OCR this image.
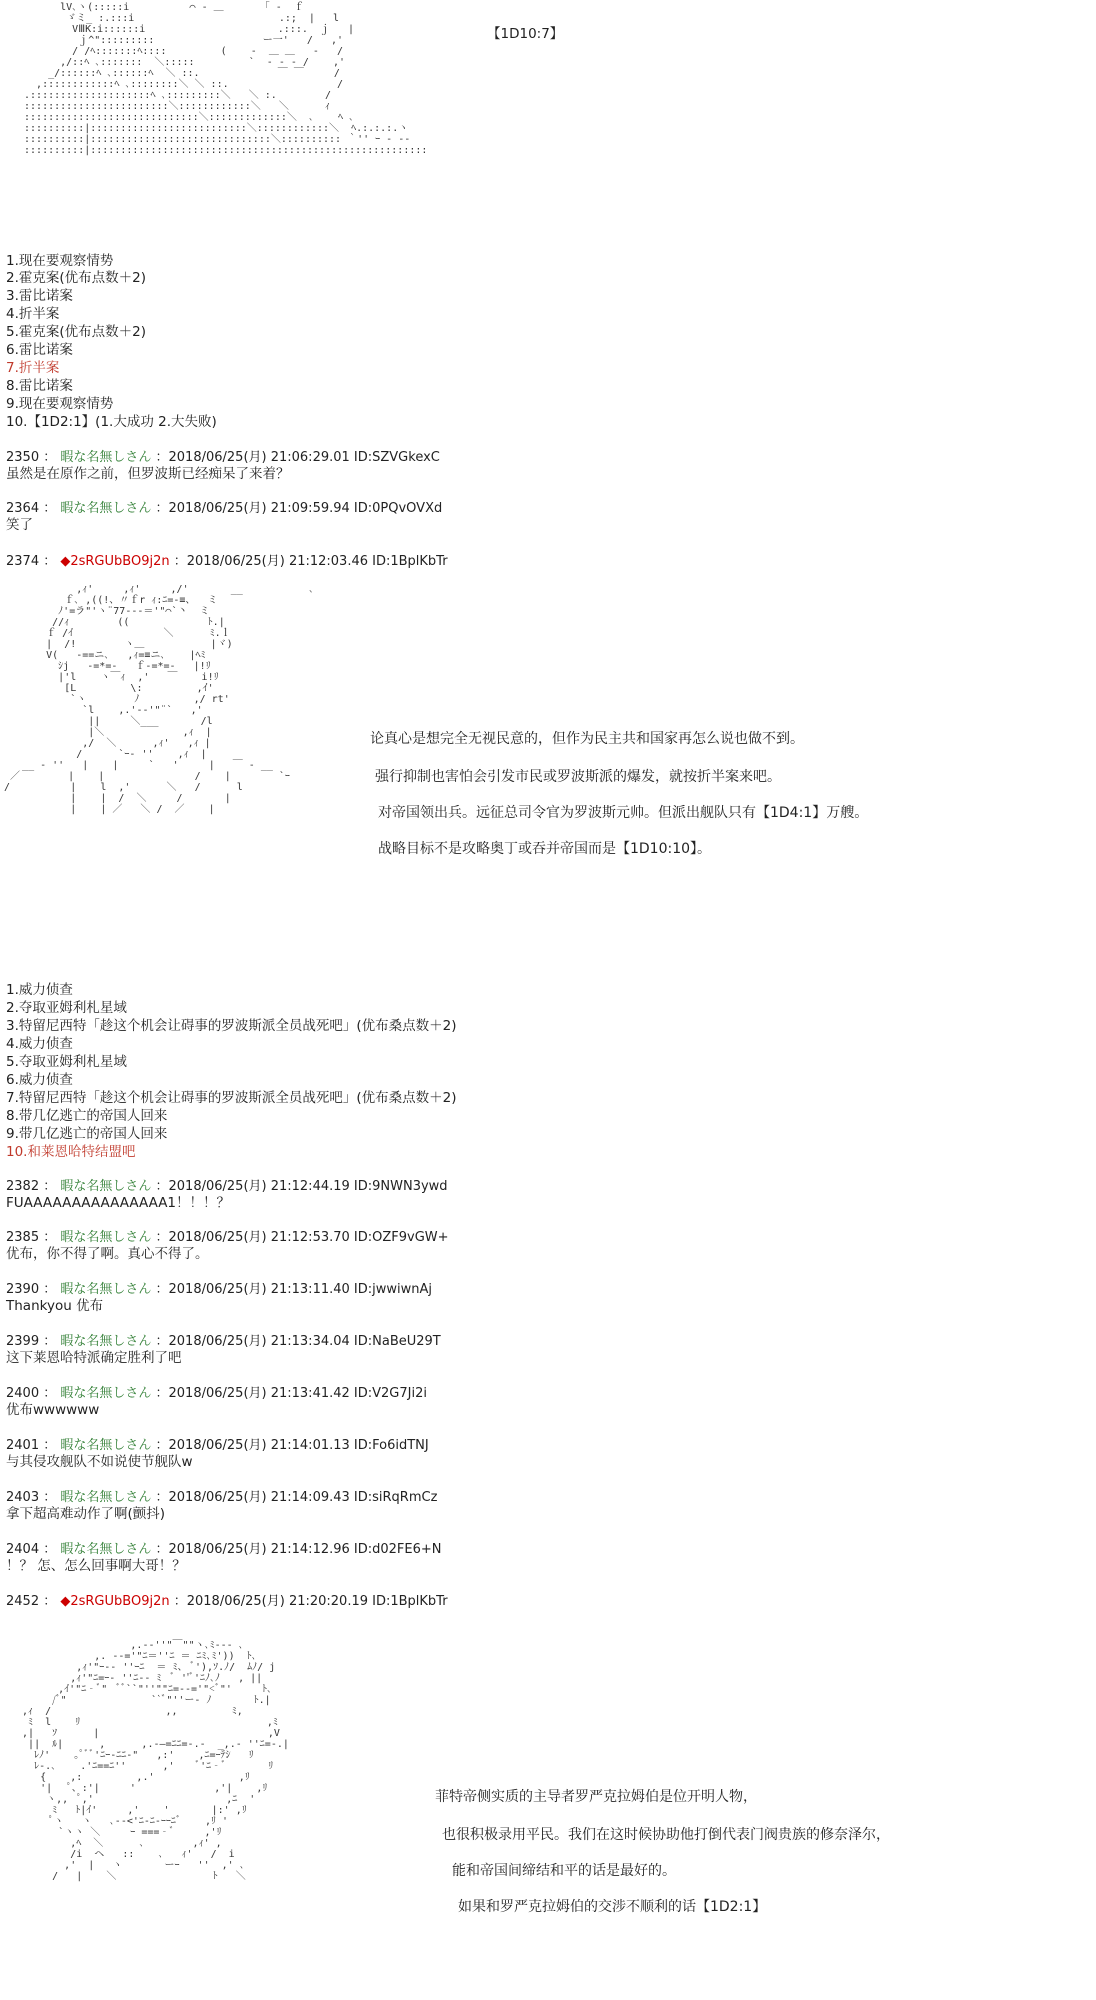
lV､ヽ(:::::i          ⌒ ‐ ＿      「 ‐  ｆ
ゞミ_ :.:::i                        .:;  |   l
VⅢK:i::::::i                      .:::.  ｊ   |
ｊ^":::::::::                  ー一'   /   ,'
/ /ﾍ:::::::ﾍ::::         (    ‐  ＿ ＿   ‐   /
,/::ﾍ ､:::::::  ＼:::::         `  ‐ ‐ ‐ /    ,'
_/::::::ﾍ ､::::::ﾍ  ＼ ::.             ￣ ￣     /
,::::::::::::ﾍ ､::::::::＼ ＼ ::.                  /
.::::::::::::::::::::ﾍ ､:::::::::＼   ＼ :.        /
::::::::::::::::::::::::＼::::::::::::＼   ＼      ｨ
:::::::::::::::::::::::::::::＼:::::::::::::＼  ､    ﾍ ､
::::::::::|::::::::::::::::::::::::::＼::::::::::::＼  ﾍ.:.:.:.ヽ
::::::::::|::::::::::::::::::::::::::::::＼:::::::::: ｀'' ｰ ‐ --
::::::::::|::::::::::::::::::::::::::::::::::::::::::::::::::::::::
【1D10:7】
1.现在要观察情势
2.霍克案(优布点数＋2)
3.雷比诺案
4.折半案
5.霍克案(优布点数＋2)
6.雷比诺案
7.折半案
8.雷比诺案
9.现在要观察情势
10.【1D2:1】(1.大成功 2.大失败)
2350 ： 暇な名無しさん ：2018/06/25(月) 21:06:29.01 ID:SZVGkexC
虽然是在原作之前，但罗波斯已经痴呆了来着？
2364 ： 暇な名無しさん ：2018/06/25(月) 21:09:59.94 ID:0PQvOVXd
笑了
2374 ： ◆2sRGUbBO9j2n ：2018/06/25(月) 21:12:03.46 ID:1BplKbTr
,ｨ'     ,ｨ'     ,/'       __           ､
ｆ､ ,((!、〃ｆr ｨ:ﾆ=-≡、  ミ
ﾉ'=ラ"'ヽ¨77---＝'"⌒`丶  ミ
//ｨ        ((             ﾄ.|
ｆ /ｲ               ＼      ﾐ.ｌ
|  /!        ヽ＿           |ヾ)
V(   -==ニ､   ,ｨ=≡ニ､    |ﾍﾐ
ｼj   -=*=-   ｆ-=*=-   |!ﾘ
|'l    ヽ￣ｨ  ,'   ￣    i!ﾘ
[L         \:         ,ｲ'
`ヽ        ﾉ         ,/ rt'
`l    ,.'--'"¨`   ,'
||     ＼___       /l
|＼             ,ｨ  |
,/  ＼      ,ｨ'   ,ｨ |
/      `ｰ‐ ''    ,ｨ  |
__ ‐ ''   |    |     `   '     |   ￣ ‐ __
／        |    |               /    |        `ｰ
/          |    l  ,'      ＼   /      l
|    |  /  ＼     /       |
|    | ／   ＼ /  ／    |
论真心是想完全无视民意的，但作为民主共和国家再怎么说也做不到。
强行抑制也害怕会引发市民或罗波斯派的爆发，就按折半案来吧。
对帝国领出兵。远征总司令官为罗波斯元帅。但派出舰队只有【1D4:1】万艘。
战略目标不是攻略奥丁或吞并帝国而是【1D10:10】。
1.威力侦查
2.夺取亚姆利札星域
3.特留尼西特「趁这个机会让碍事的罗波斯派全员战死吧」(优布桑点数＋2)
4.威力侦查
5.夺取亚姆利札星域
6.威力侦查
7.特留尼西特「趁这个机会让碍事的罗波斯派全员战死吧」(优布桑点数＋2)
8.带几亿逃亡的帝国人回来
9.带几亿逃亡的帝国人回来
10.和莱恩哈特结盟吧
2382 ： 暇な名無しさん ：2018/06/25(月) 21:12:44.19 ID:9NWN3ywd
FUAAAAAAAAAAAAAAA1！！！？
2385 ： 暇な名無しさん ：2018/06/25(月) 21:12:53.70 ID:OZF9vGW+
优布，你不得了啊。真心不得了。
2390 ： 暇な名無しさん ：2018/06/25(月) 21:13:11.40 ID:jwwiwnAj
Thankyou 优布
2399 ： 暇な名無しさん ：2018/06/25(月) 21:13:34.04 ID:NaBeU29T
这下莱恩哈特派确定胜利了吧
2400 ： 暇な名無しさん ：2018/06/25(月) 21:13:41.42 ID:V2G7Ji2i
优布wwwwww
2401 ： 暇な名無しさん ：2018/06/25(月) 21:14:01.13 ID:Fo6idTNJ
与其侵攻舰队不如说使节舰队w
2403 ： 暇な名無しさん ：2018/06/25(月) 21:14:09.43 ID:siRqRmCz
拿下超高难动作了啊(颤抖)
2404 ： 暇な名無しさん ：2018/06/25(月) 21:14:12.96 ID:d02FE6+N
！？ 怎、怎么回事啊大哥！？
2452 ： ◆2sRGUbBO9j2n ：2018/06/25(月) 21:20:20.19 ID:1BplKbTr
,.-‐''"￣""ヽ､ﾐ--‐ ､
,. -‐='"ﾆ＝''ﾆ ＝ ﾆﾐ､ﾐ'))  ﾄ､
,ｨ'"ｰ-‐ ''ｰﾆ  ＝ ﾐ、 ﾞ'),ｿ.ﾉ/  ﾑﾉ/ j
,ｨ'"ﾆ=ｰ‐ ''ﾆ-‐ ﾐ  ﾞ ''ﾞ'ﾆﾉ､ﾉ   , ||
,ｲ'"ﾆ‐ﾞ"  ﾞﾞ``"''""ﾆ=‐-='"<ﾞ"'     ﾄ､
/ﾞ"              ``ﾞ"''ー‐ ﾉ       ﾄ.|
,ｨ  /                   ,,         ﾐ,
ﾐ  l    ﾘ                               ,ﾐ
,|   ｿ      |                            ,V
||  ﾙ|      ,      ,.-―=ﾆﾆ=-.-  _,.‐ ''ﾆ=-.|
ﾚﾉ'    ｡ﾟﾞﾞ'ﾆｰ-ﾆﾆ‐"   ,:'    ,ﾆ=ｰﾃｼ   ﾘ
ﾚ-.､    .'ﾆ==ﾆ''      ,'    ﾞ'ﾆ‐ﾞ       ﾘ
{    ,:         ,.'              ,ﾘ
'|   ﾟ、:'|     '             ,'|    ,ﾘ
ヽ,,  ﾟ,'                      ,ﾆ  '
ﾐ   ﾄ|ｲ'     ,'    '       |:' ,ﾘ
ﾟヽ   ヽ   ､--<'ﾆ‐ﾆ-ｰｰﾆﾞ    ,ﾘ '
`ヽヽ ＼     ｰ ===‐ﾞ     ,'ﾘ
,ﾍ  ＼      ､        ,ｨ' ,
/i  ヘ   ::    ､   ｨ'   /  i
,'  |   ヽ       ーｰ   ''  ,' ､
/   |    ＼                ﾄ   ＼
菲特帝侧实质的主导者罗严克拉姆伯是位开明人物，
也很积极录用平民。我们在这时候协助他打倒代表门阀贵族的修奈泽尔，
能和帝国间缔结和平的话是最好的。
如果和罗严克拉姆伯的交涉不顺利的话【1D2:1】
